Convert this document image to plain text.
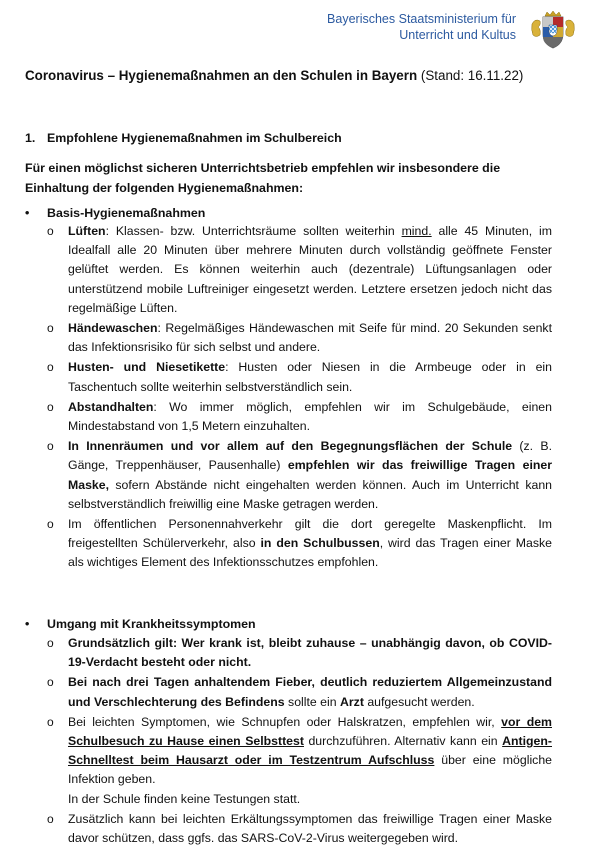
Bayerisches Staatsministerium für
Unterricht und Kultus
Coronavirus – Hygienemaßnahmen an den Schulen in Bayern (Stand: 16.11.22)
1. Empfohlene Hygienemaßnahmen im Schulbereich
Für einen möglichst sicheren Unterrichtsbetrieb empfehlen wir insbesondere die Einhaltung der folgenden Hygienemaßnahmen:
• Basis-Hygienemaßnahmen
o Lüften: Klassen- bzw. Unterrichtsräume sollten weiterhin mind. alle 45 Minuten, im Idealfall alle 20 Minuten über mehrere Minuten durch vollständig geöffnete Fenster gelüftet werden. Es können weiterhin auch (dezentrale) Lüftungsanlagen oder unterstützend mobile Luftreiniger eingesetzt werden. Letztere ersetzen jedoch nicht das regelmäßige Lüften.
o Händewaschen: Regelmäßiges Händewaschen mit Seife für mind. 20 Sekunden senkt das Infektionsrisiko für sich selbst und andere.
o Husten- und Niesetikette: Husten oder Niesen in die Armbeuge oder in ein Taschentuch sollte weiterhin selbstverständlich sein.
o Abstandhalten: Wo immer möglich, empfehlen wir im Schulgebäude, einen Mindestabstand von 1,5 Metern einzuhalten.
o In Innenräumen und vor allem auf den Begegnungsflächen der Schule (z. B. Gänge, Treppenhäuser, Pausenhalle) empfehlen wir das freiwillige Tragen einer Maske, sofern Abstände nicht eingehalten werden können. Auch im Unterricht kann selbstverständlich freiwillig eine Maske getragen werden.
o Im öffentlichen Personennahverkehr gilt die dort geregelte Maskenpflicht. Im freigestellten Schülerverkehr, also in den Schulbussen, wird das Tragen einer Maske als wichtiges Element des Infektionsschutzes empfohlen.
• Umgang mit Krankheitssymptomen
o Grundsätzlich gilt: Wer krank ist, bleibt zuhause – unabhängig davon, ob COVID-19-Verdacht besteht oder nicht.
o Bei nach drei Tagen anhaltendem Fieber, deutlich reduziertem Allgemeinzustand und Verschlechterung des Befindens sollte ein Arzt aufgesucht werden.
o Bei leichten Symptomen, wie Schnupfen oder Halskratzen, empfehlen wir, vor dem Schulbesuch zu Hause einen Selbsttest durchzuführen. Alternativ kann ein Antigen-Schnelltest beim Hausarzt oder im Testzentrum Aufschluss über eine mögliche Infektion geben.
In der Schule finden keine Testungen statt.
o Zusätzlich kann bei leichten Erkältungssymptomen das freiwillige Tragen einer Maske davor schützen, dass ggfs. das SARS-CoV-2-Virus weitergegeben wird.
